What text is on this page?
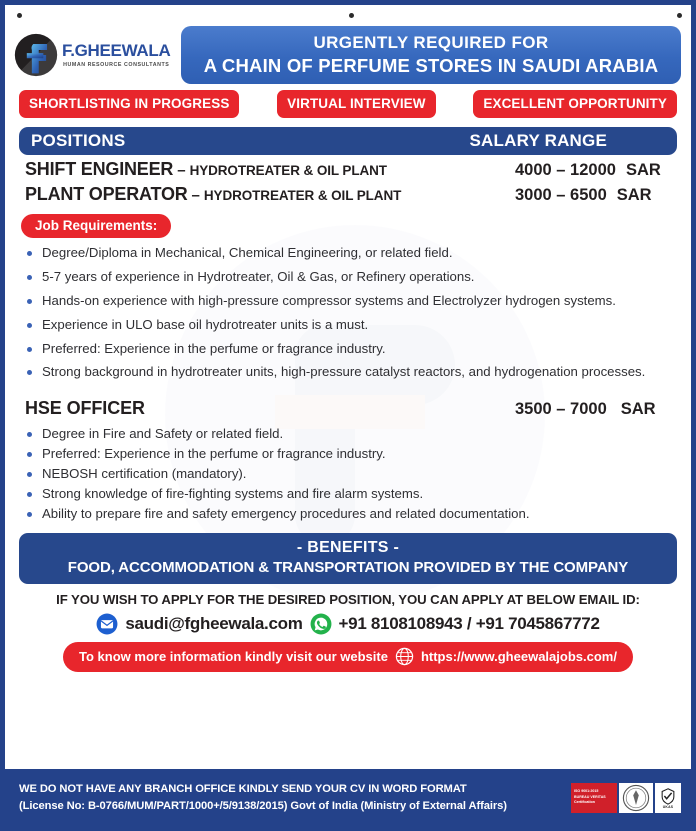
F.GHEEWALA
HUMAN RESOURCE CONSULTANTS
URGENTLY REQUIRED FOR
A CHAIN OF PERFUME STORES IN SAUDI ARABIA
SHORTLISTING IN PROGRESS	VIRTUAL INTERVIEW	EXCELLENT OPPORTUNITY
POSITIONS	SALARY RANGE
SHIFT ENGINEER – HYDROTREATER & OIL PLANT	4000 – 12000 SAR
PLANT OPERATOR – HYDROTREATER & OIL PLANT	3000 – 6500 SAR
Job Requirements:
Degree/Diploma in Mechanical, Chemical Engineering, or related field.
5-7 years of experience in Hydrotreater, Oil & Gas, or Refinery operations.
Hands-on experience with high-pressure compressor systems and Electrolyzer hydrogen systems.
Experience in ULO base oil hydrotreater units is a must.
Preferred: Experience in the perfume or fragrance industry.
Strong background in hydrotreater units, high-pressure catalyst reactors, and hydrogenation processes.
HSE OFFICER	3500 – 7000 SAR
Degree in Fire and Safety or related field.
Preferred: Experience in the perfume or fragrance industry.
NEBOSH certification (mandatory).
Strong knowledge of fire-fighting systems and fire alarm systems.
Ability to prepare fire and safety emergency procedures and related documentation.
- BENEFITS -
FOOD, ACCOMMODATION & TRANSPORTATION PROVIDED BY THE COMPANY
IF YOU WISH TO APPLY FOR THE DESIRED POSITION, YOU CAN APPLY AT BELOW EMAIL ID:
saudi@fgheewala.com +91 8108108943 / +91 7045867772
To know more information kindly visit our website	https://www.gheewalajobs.com/
WE DO NOT HAVE ANY BRANCH OFFICE KINDLY SEND YOUR CV IN WORD FORMAT
(License No: B-0766/MUM/PART/1000+/5/9138/2015) Govt of India (Ministry of External Affairs)
ISO 9001:2015
BUREAU VERITAS
Certification
UKAS
